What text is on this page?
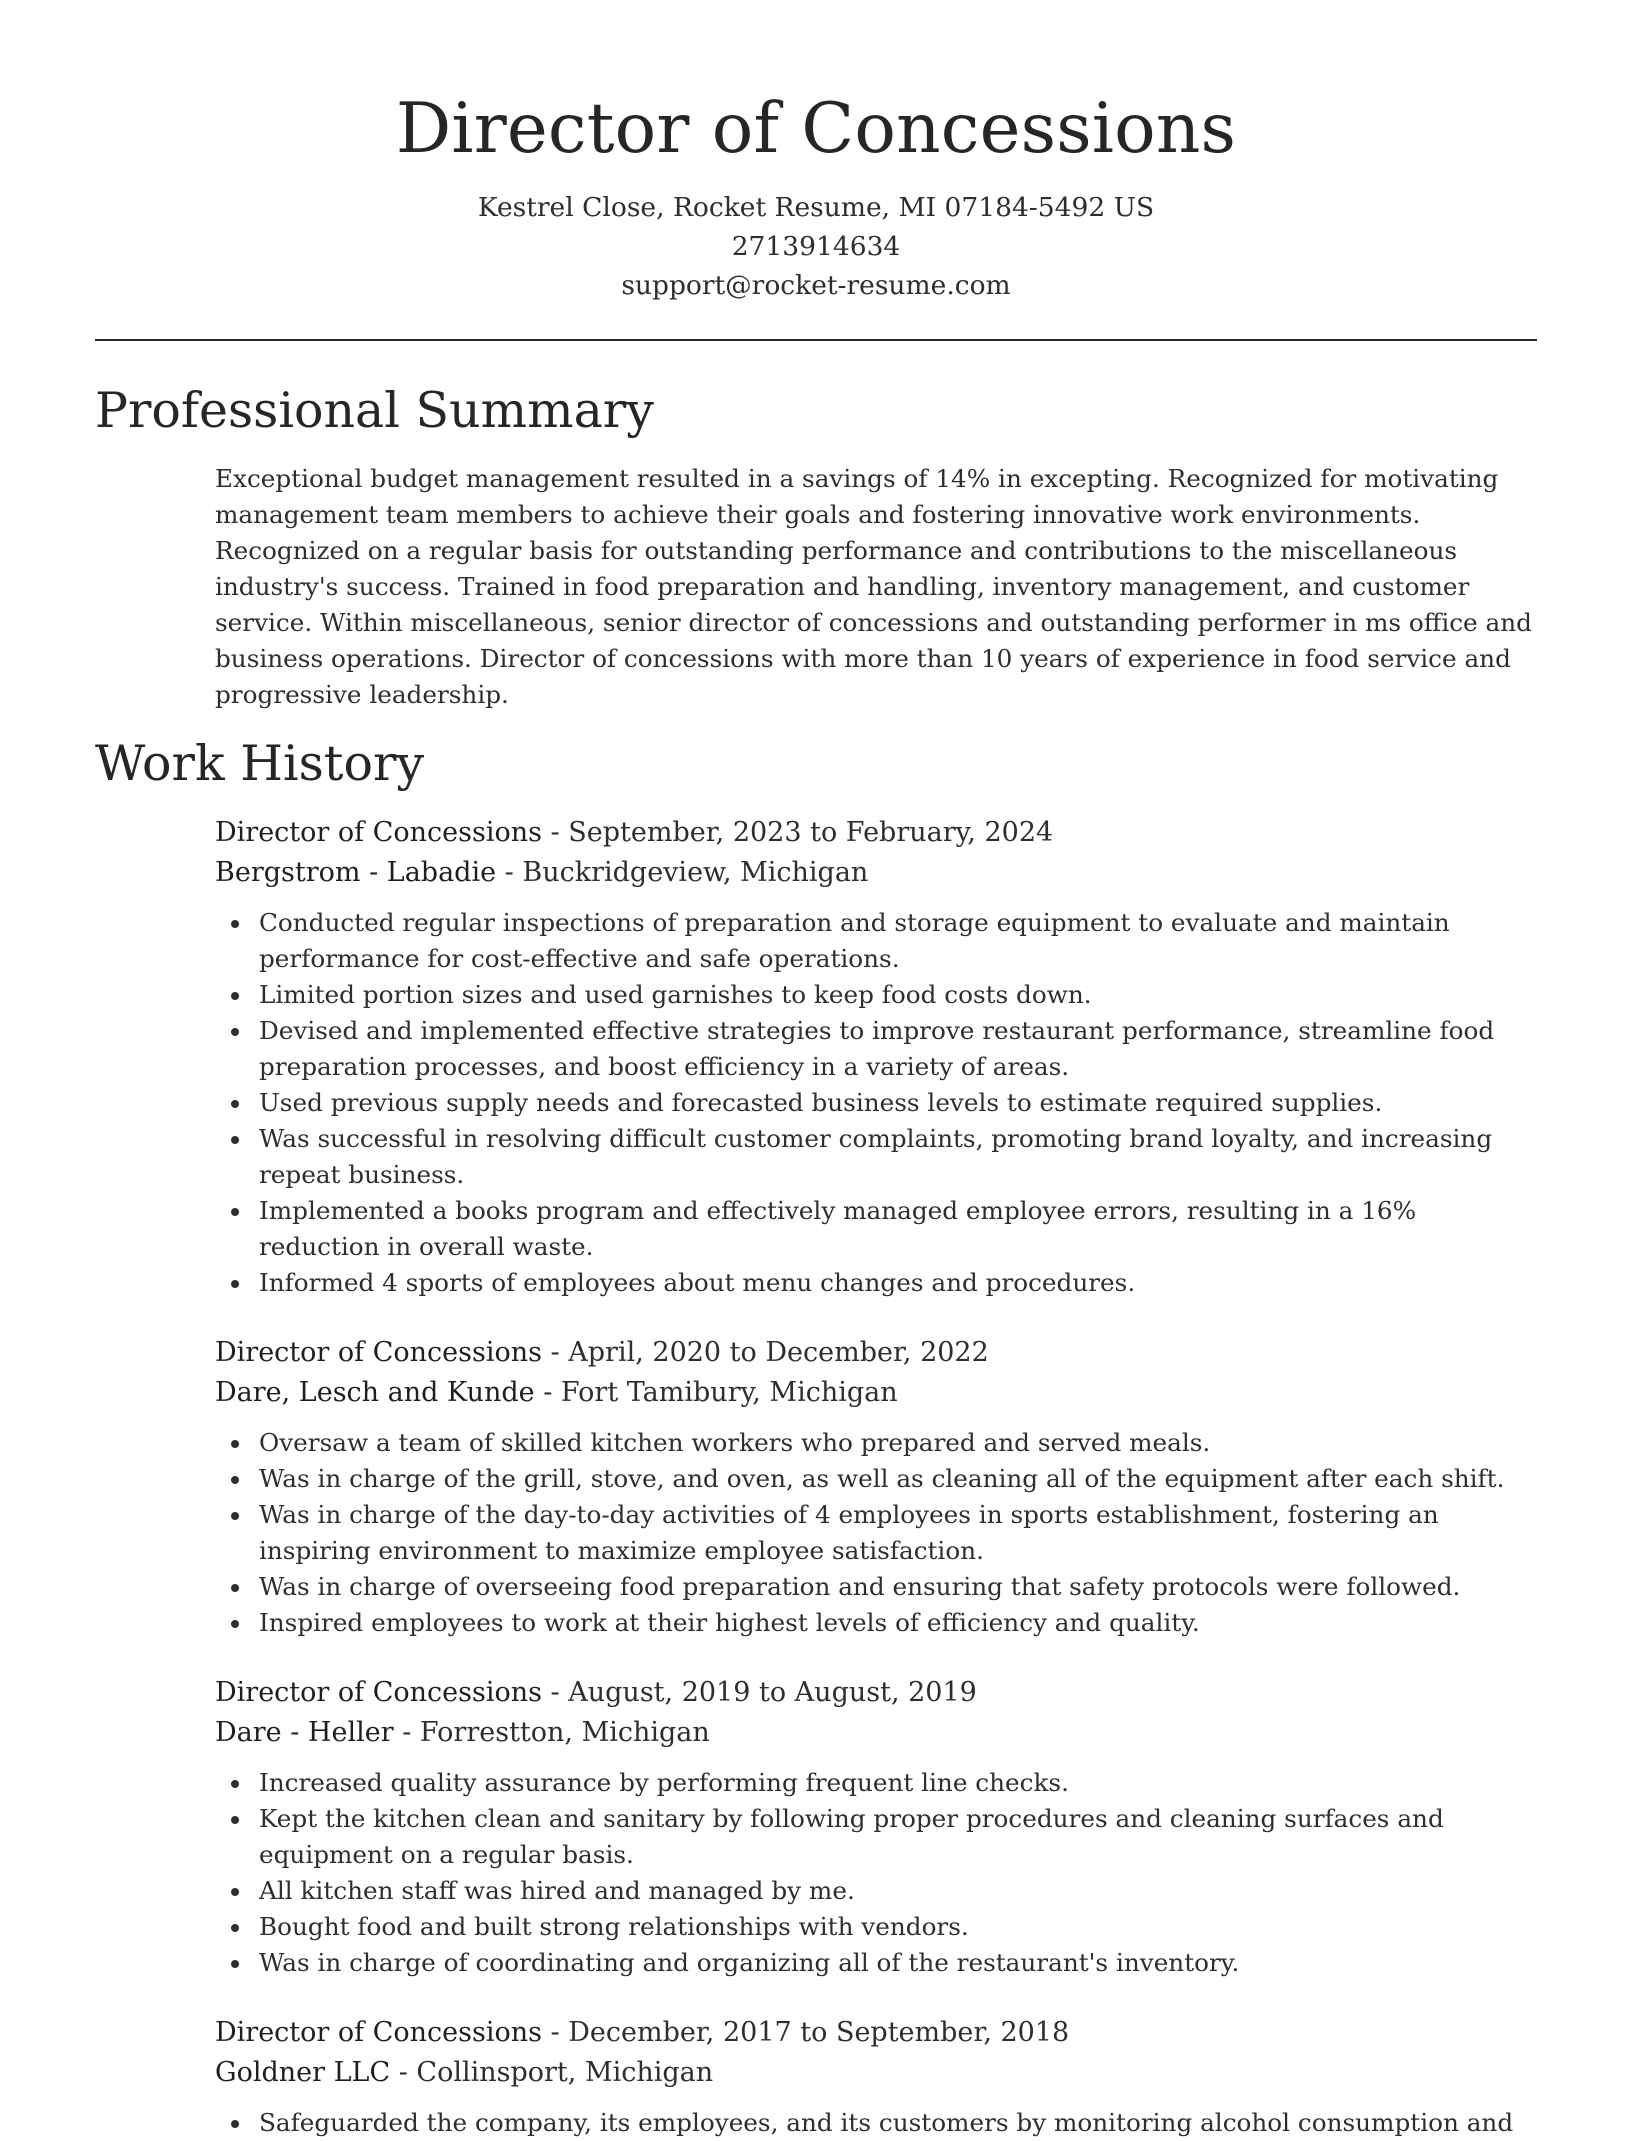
Director of Concessions
Kestrel Close, Rocket Resume, MI 07184-5492 US
2713914634
support@rocket-resume.com
Professional Summary

Exceptional budget management resulted in a savings of 14% in excepting. Recognized for motivating management team members to achieve their goals and fostering innovative work environments. Recognized on a regular basis for outstanding performance and contributions to the miscellaneous industry's success. Trained in food preparation and handling, inventory management, and customer service. Within miscellaneous, senior director of concessions and outstanding performer in ms office and business operations. Director of concessions with more than 10 years of experience in food service and progressive leadership.

Work History
Director of Concessions - September, 2023 to February, 2024
Bergstrom - Labadie - Buckridgeview, Michigan
Conducted regular inspections of preparation and storage equipment to evaluate and maintain performance for cost-effective and safe operations.
Limited portion sizes and used garnishes to keep food costs down.
Devised and implemented effective strategies to improve restaurant performance, streamline food preparation processes, and boost efficiency in a variety of areas.
Used previous supply needs and forecasted business levels to estimate required supplies.
Was successful in resolving difficult customer complaints, promoting brand loyalty, and increasing repeat business.
Implemented a books program and effectively managed employee errors, resulting in a 16% reduction in overall waste.
Informed 4 sports of employees about menu changes and procedures.
Director of Concessions - April, 2020 to December, 2022
Dare, Lesch and Kunde - Fort Tamibury, Michigan
Oversaw a team of skilled kitchen workers who prepared and served meals.
Was in charge of the grill, stove, and oven, as well as cleaning all of the equipment after each shift.
Was in charge of the day-to-day activities of 4 employees in sports establishment, fostering an inspiring environment to maximize employee satisfaction.
Was in charge of overseeing food preparation and ensuring that safety protocols were followed.
Inspired employees to work at their highest levels of efficiency and quality.
Director of Concessions - August, 2019 to August, 2019
Dare - Heller - Forrestton, Michigan
Increased quality assurance by performing frequent line checks.
Kept the kitchen clean and sanitary by following proper procedures and cleaning surfaces and equipment on a regular basis.
All kitchen staff was hired and managed by me.
Bought food and built strong relationships with vendors.
Was in charge of coordinating and organizing all of the restaurant's inventory.
Director of Concessions - December, 2017 to September, 2018
Goldner LLC - Collinsport, Michigan
Safeguarded the company, its employees, and its customers by monitoring alcohol consumption and
